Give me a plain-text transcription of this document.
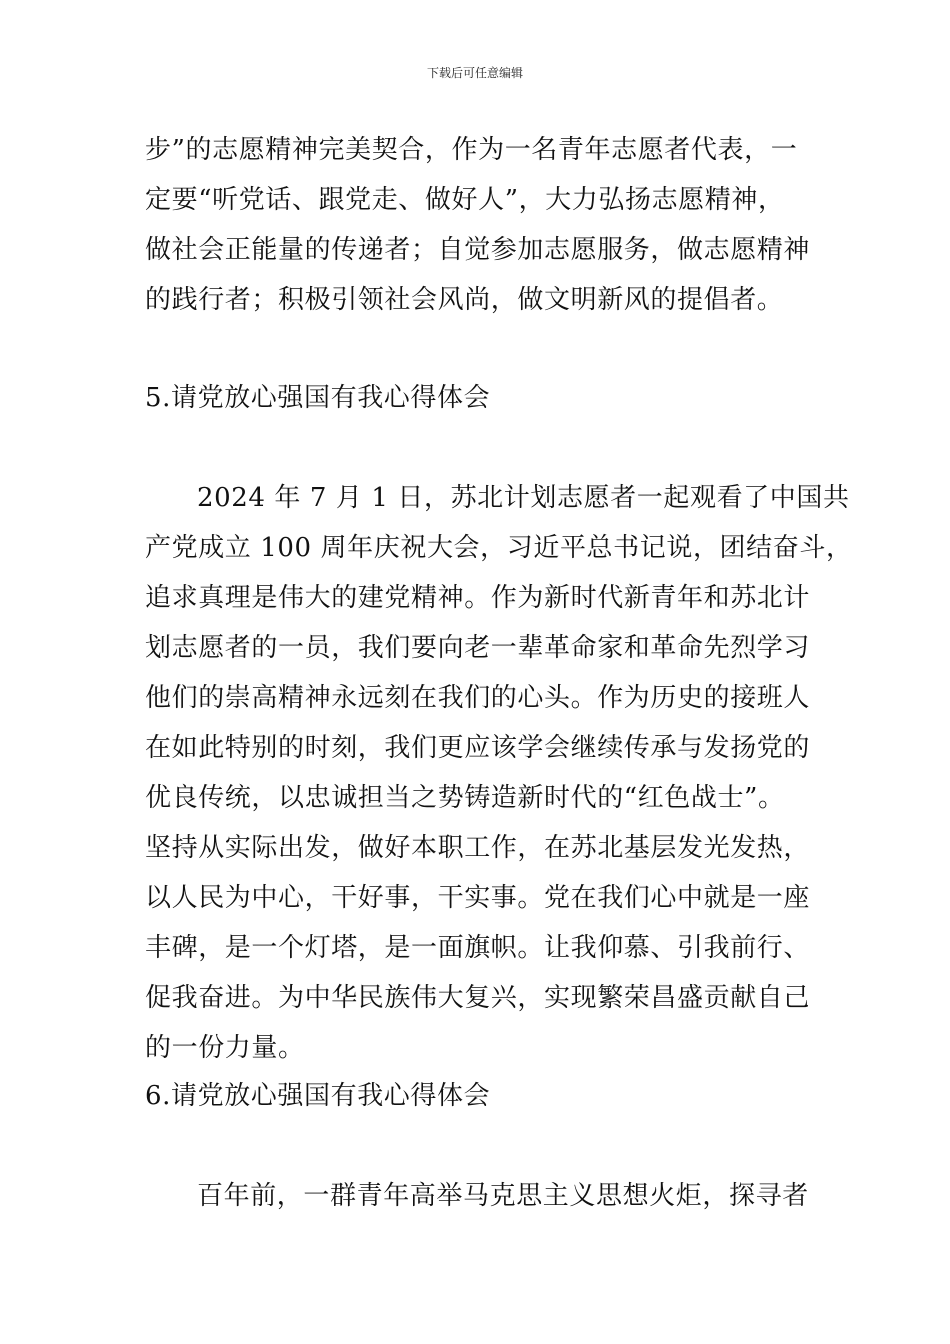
下载后可任意编辑
步”的志愿精神完美契合，作为一名青年志愿者代表，一
定要“听党话、跟党走、做好人”，大力弘扬志愿精神，
做社会正能量的传递者；自觉参加志愿服务，做志愿精神
的践行者；积极引领社会风尚，做文明新风的提倡者。
5.请党放心强国有我心得体会
2024 年 7 月 1 日，苏北计划志愿者一起观看了中国共
产党成立 100 周年庆祝大会，习近平总书记说，团结奋斗，
追求真理是伟大的建党精神。作为新时代新青年和苏北计
划志愿者的一员，我们要向老一辈革命家和革命先烈学习
他们的崇高精神永远刻在我们的心头。作为历史的接班人
在如此特别的时刻，我们更应该学会继续传承与发扬党的
优良传统，以忠诚担当之势铸造新时代的“红色战士”。
坚持从实际出发，做好本职工作，在苏北基层发光发热，
以人民为中心，干好事，干实事。党在我们心中就是一座
丰碑，是一个灯塔，是一面旗帜。让我仰慕、引我前行、
促我奋进。为中华民族伟大复兴，实现繁荣昌盛贡献自己
的一份力量。
6.请党放心强国有我心得体会
百年前，一群青年高举马克思主义思想火炬，探寻者
